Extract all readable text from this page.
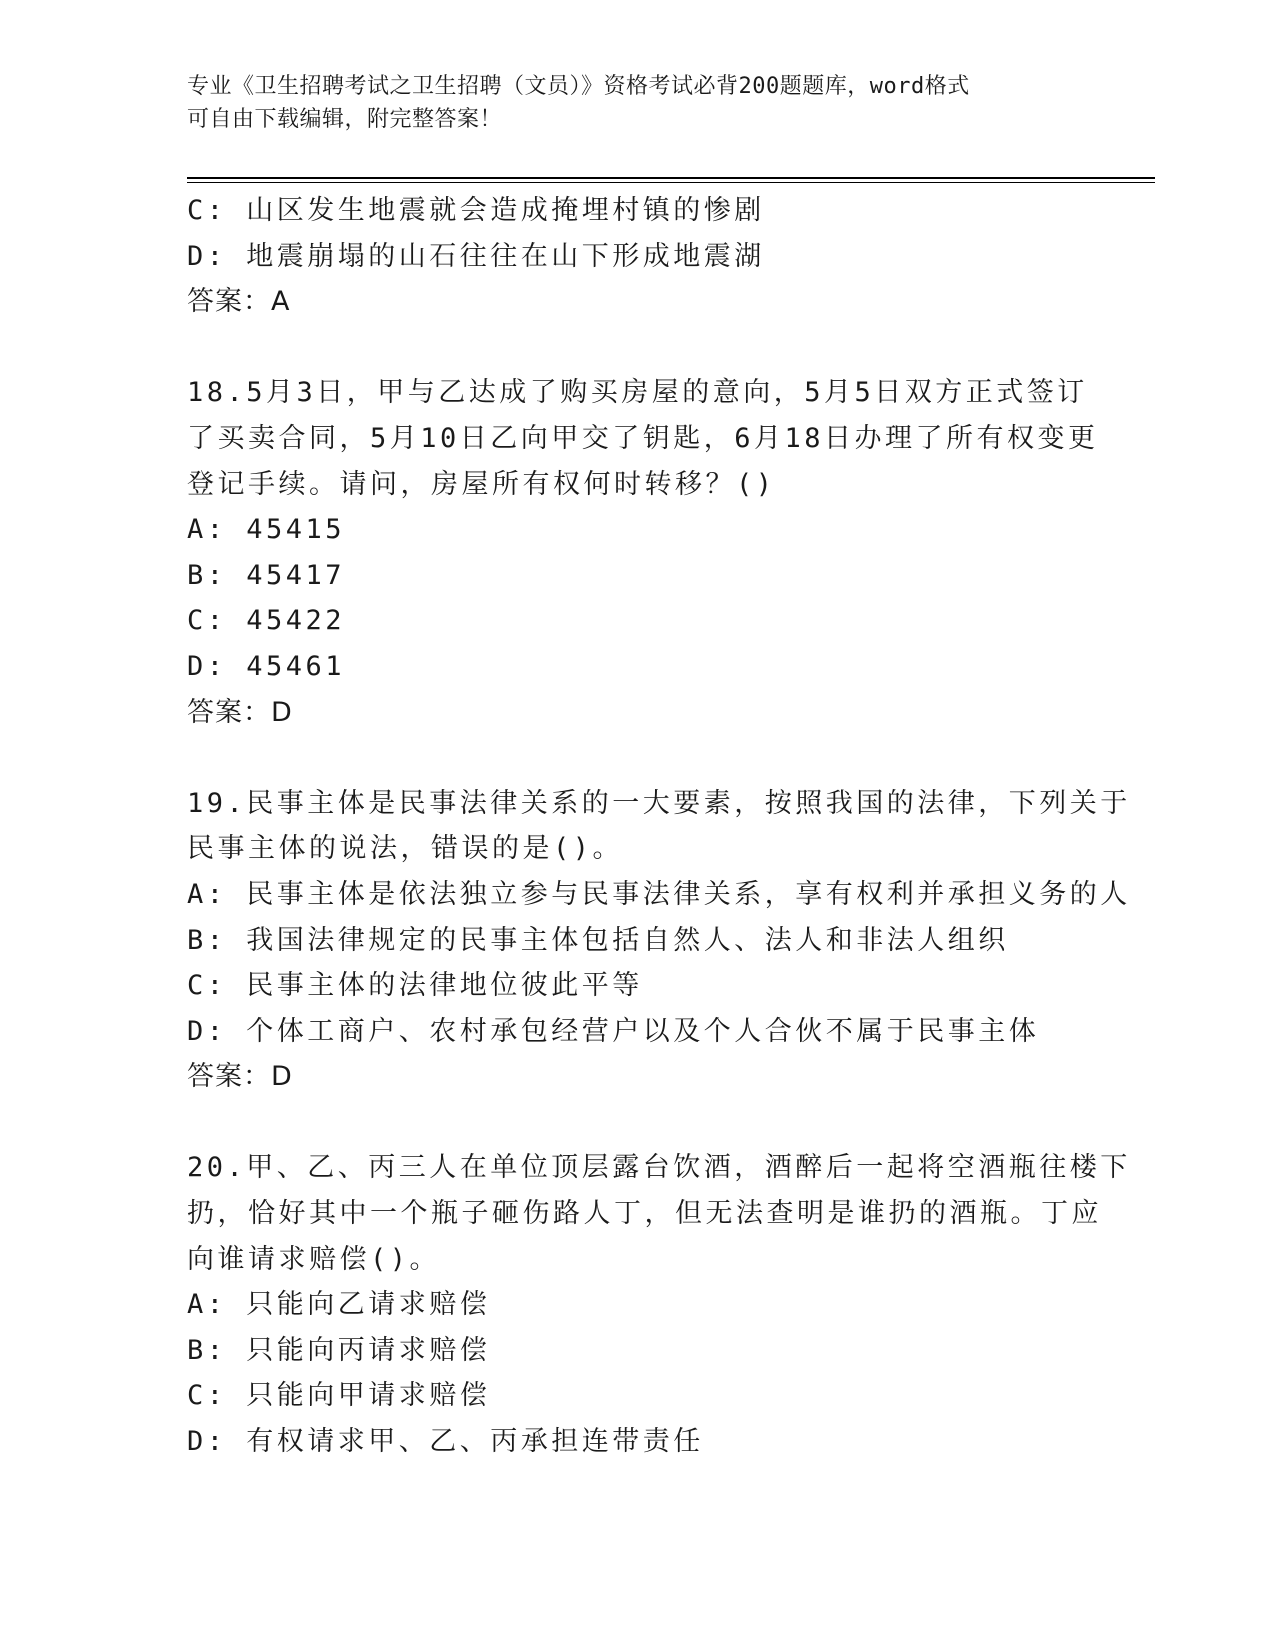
专业《卫生招聘考试之卫生招聘（文员）》资格考试必背200题题库，word格式
可自由下载编辑，附完整答案！
C: 山区发生地震就会造成掩埋村镇的惨剧
D: 地震崩塌的山石往往在山下形成地震湖
答案：A
18.5月3日，甲与乙达成了购买房屋的意向，5月5日双方正式签订
了买卖合同，5月10日乙向甲交了钥匙，6月18日办理了所有权变更
登记手续。请问，房屋所有权何时转移？()
A: 45415
B: 45417
C: 45422
D: 45461
答案：D
19.民事主体是民事法律关系的一大要素，按照我国的法律，下列关于
民事主体的说法，错误的是()。
A: 民事主体是依法独立参与民事法律关系，享有权利并承担义务的人
B: 我国法律规定的民事主体包括自然人、法人和非法人组织
C: 民事主体的法律地位彼此平等
D: 个体工商户、农村承包经营户以及个人合伙不属于民事主体
答案：D
20.甲、乙、丙三人在单位顶层露台饮酒，酒醉后一起将空酒瓶往楼下
扔，恰好其中一个瓶子砸伤路人丁，但无法查明是谁扔的酒瓶。丁应
向谁请求赔偿()。
A: 只能向乙请求赔偿
B: 只能向丙请求赔偿
C: 只能向甲请求赔偿
D: 有权请求甲、乙、丙承担连带责任
